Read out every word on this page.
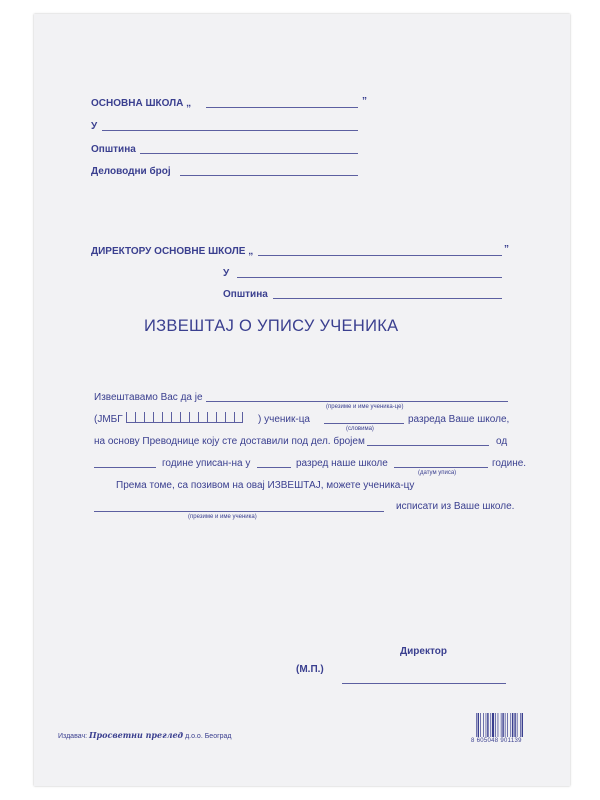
ОСНОВНА ШКОЛА „	”
У
Општина
Деловодни број
ДИРЕКТОРУ ОСНОВНЕ ШКОЛЕ „	”
У
Општина
ИЗВЕШТАЈ О УПИСУ УЧЕНИКА
Извештавамо Вас да је
(презиме и име ученика-це)
(ЈМБГ	) ученик-ца
(словима)
разреда Ваше школе,
на основу Преводнице коју сте доставили под дел. бројем	од
године уписан-на у	разред наше школе
(датум уписа)
године.
Према томе, са позивом на овај ИЗВЕШТАЈ, можете ученика-цу
(презиме и име ученика)
исписати из Ваше школе.
Директор
(М.П.)
Издавач: Просветни преглед д.о.о. Београд
8 605048 901139
